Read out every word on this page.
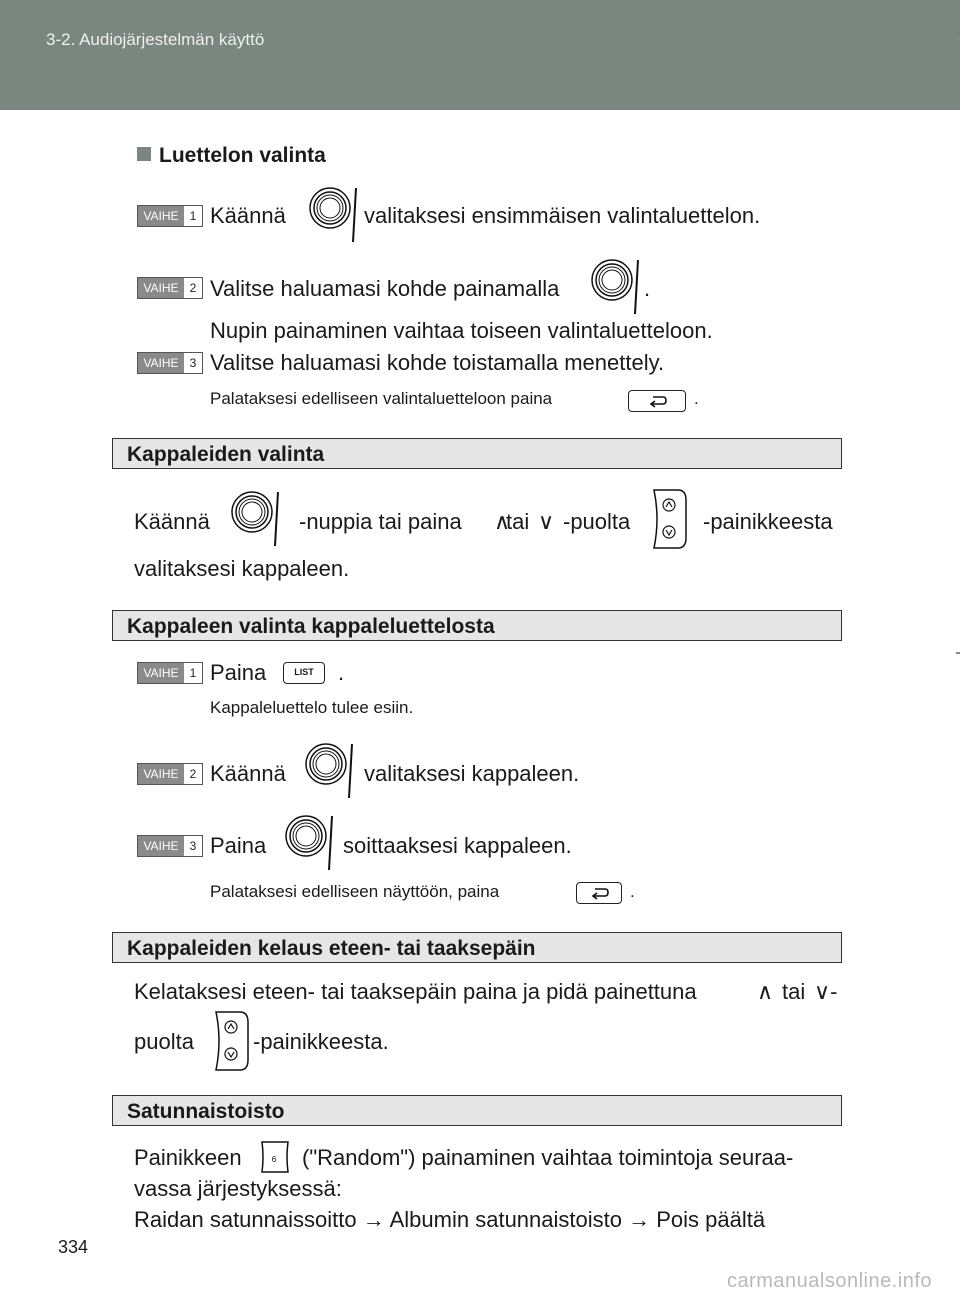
3-2. Audiojärjestelmän käyttö
Luettelon valinta
VAIHE 1 Käännä	valitaksesi ensimmäisen valintaluettelon.
VAIHE 2 Valitse haluamasi kohde painamalla	.
Nupin painaminen vaihtaa toiseen valintaluetteloon.
VAIHE 3 Valitse haluamasi kohde toistamalla menettely.
Palataksesi edelliseen valintaluetteloon paina	.
Kappaleiden valinta
Käännä	-nuppia tai paina ∧
tai ∨ -puolta	-painikkeesta
valitaksesi kappaleen.
Kappaleen valinta kappaleluettelosta
VAIHE 1 Paina	LIST	.
Kappaleluettelo tulee esiin.
VAIHE 2 Käännä	valitaksesi kappaleen.
VAIHE 3 Paina	soittaaksesi kappaleen.
Palataksesi edelliseen näyttöön, paina	.
Kappaleiden kelaus eteen- tai taaksepäin
Kelataksesi eteen- tai taaksepäin paina ja pidä painettuna	∧ tai ∨-
puolta	-painikkeesta.
Satunnaistoisto
Painikkeen	6 ("Random") painaminen vaihtaa toimintoja seuraa-
vassa järjestyksessä:
Raidan satunnaissoitto → Albumin satunnaistoisto → Pois päältä
334
carmanualsonline.info
